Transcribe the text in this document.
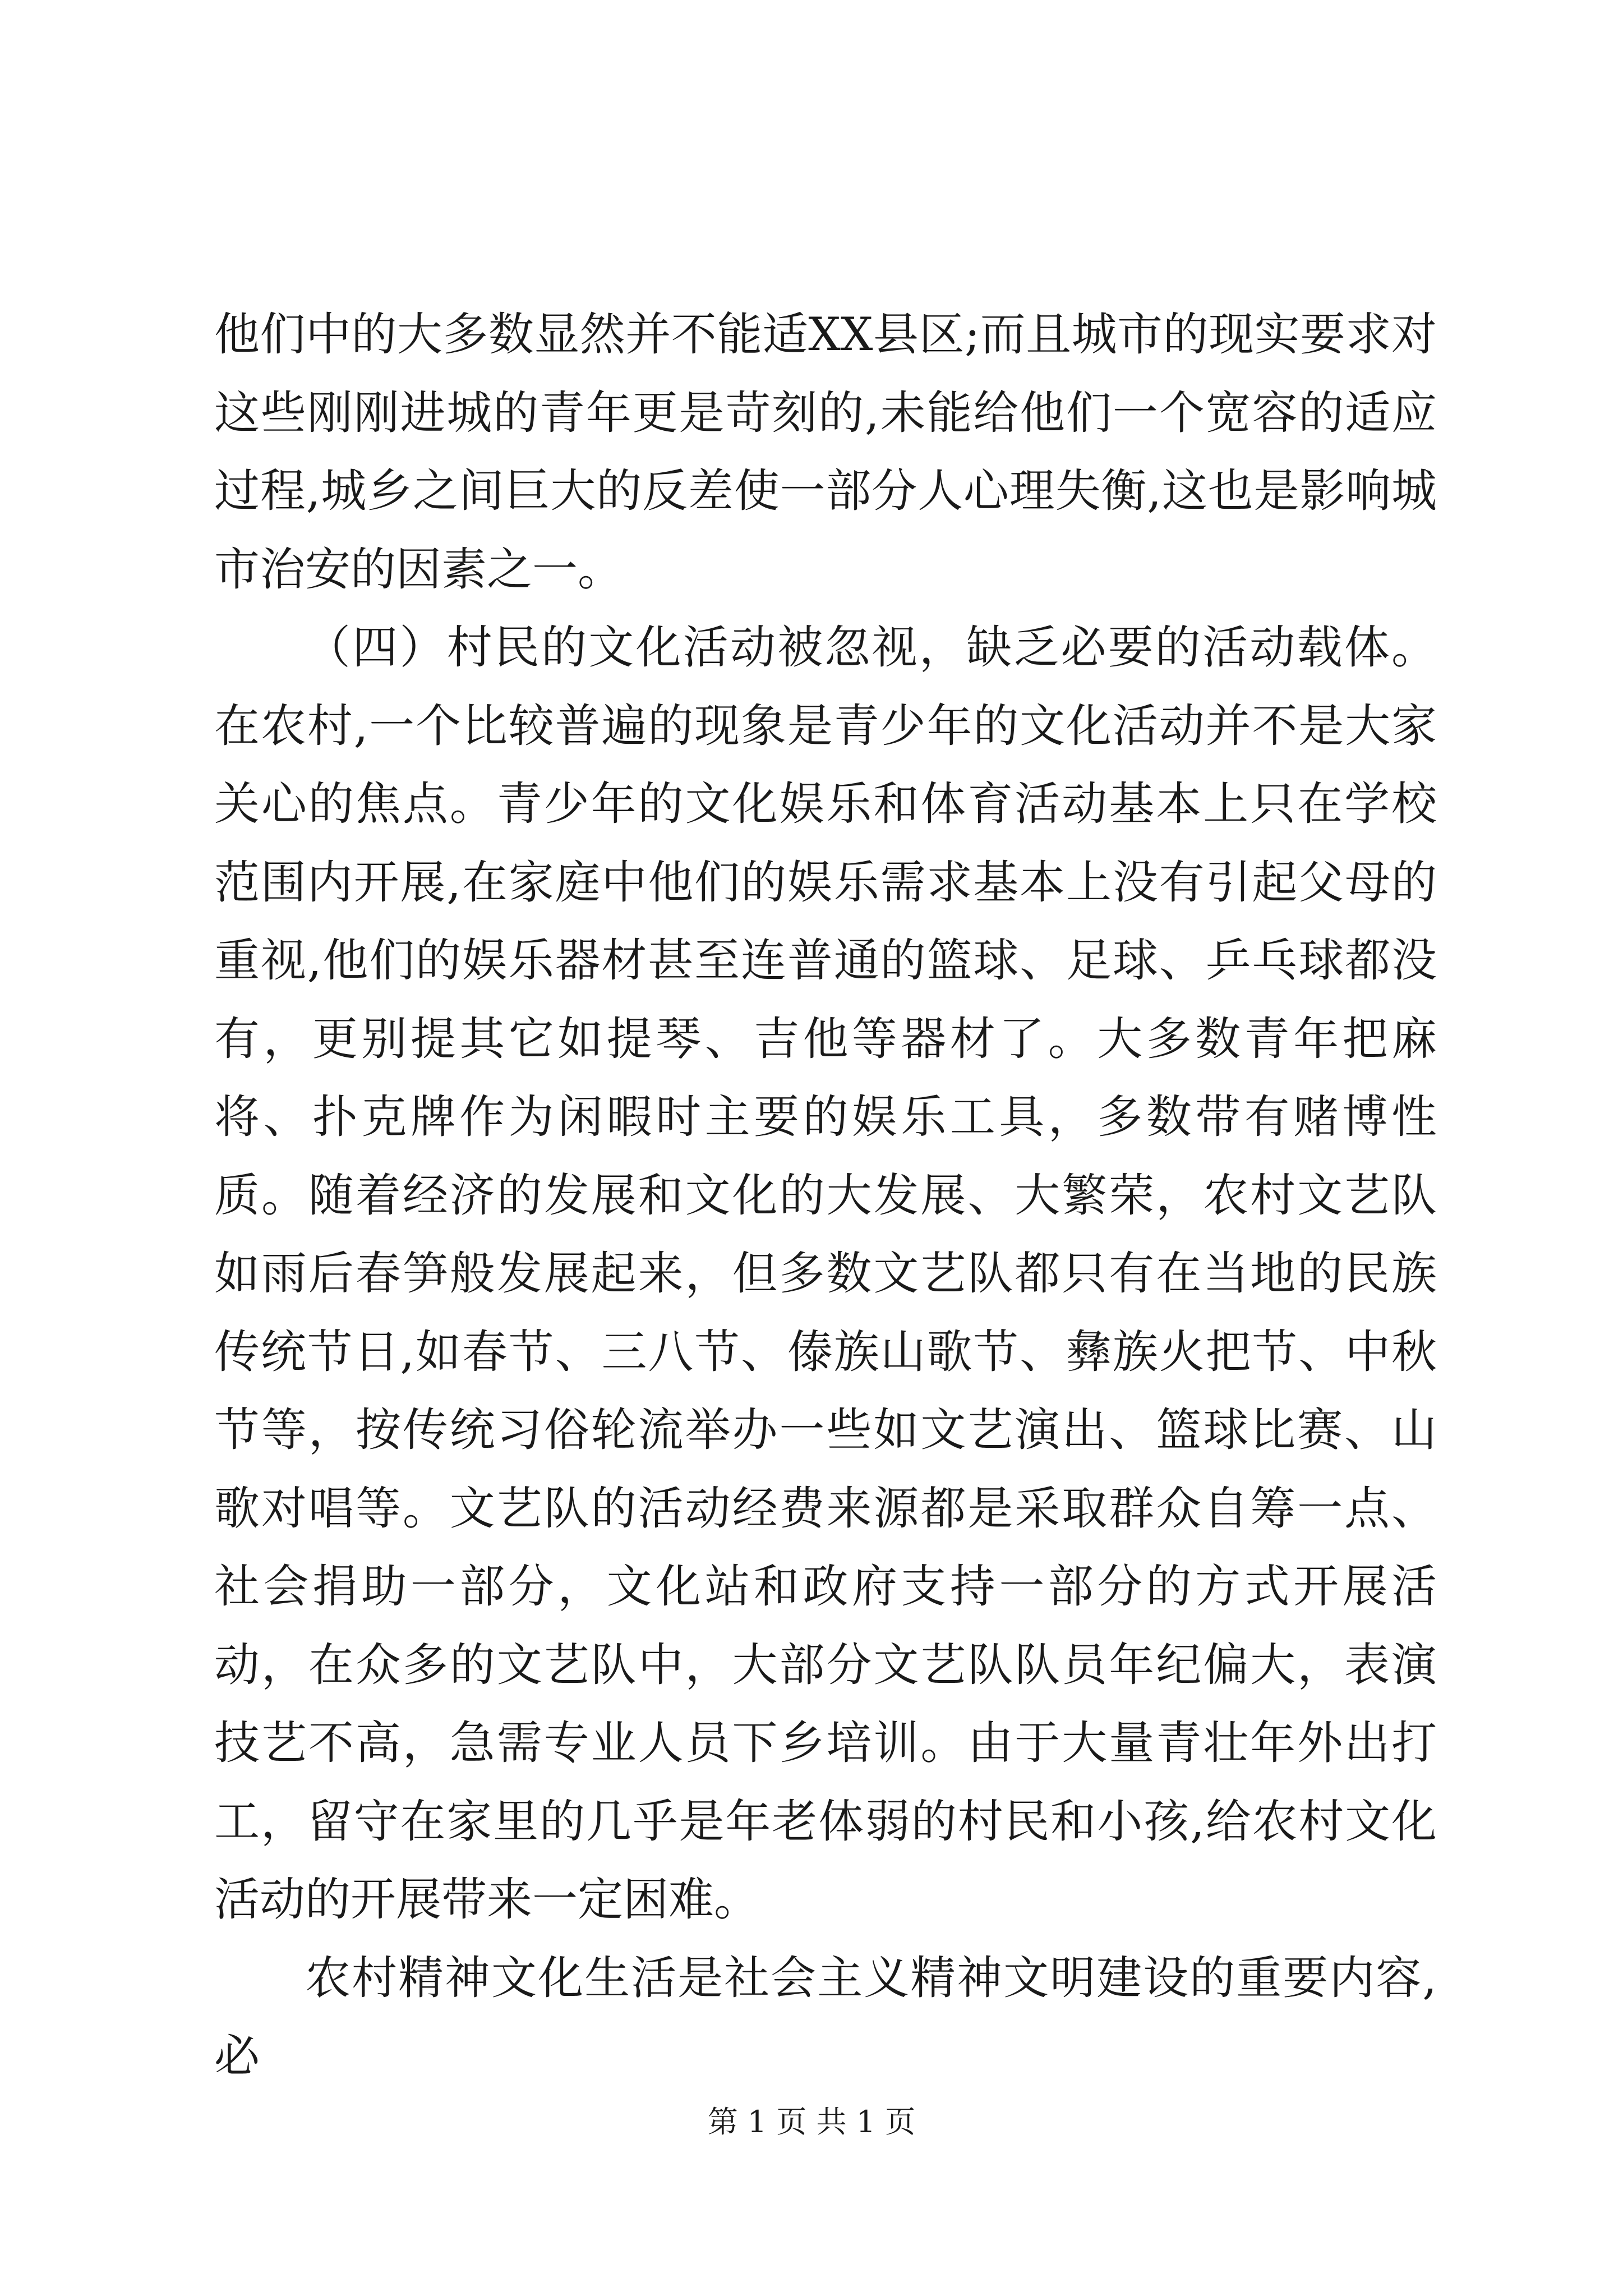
他们中的大多数显然并不能适XX县区;而且城市的现实要求对这些刚刚进城的青年更是苛刻的,未能给他们一个宽容的适应过程,城乡之间巨大的反差使一部分人心理失衡,这也是影响城市治安的因素之一。

（四）村民的文化活动被忽视，缺乏必要的活动载体。在农村,一个比较普遍的现象是青少年的文化活动并不是大家关心的焦点。青少年的文化娱乐和体育活动基本上只在学校范围内开展,在家庭中他们的娱乐需求基本上没有引起父母的重视,他们的娱乐器材甚至连普通的篮球、足球、乒乓球都没有，更别提其它如提琴、吉他等器材了。大多数青年把麻将、扑克牌作为闲暇时主要的娱乐工具，多数带有赌博性质。随着经济的发展和文化的大发展、大繁荣，农村文艺队如雨后春笋般发展起来，但多数文艺队都只有在当地的民族传统节日,如春节、三八节、傣族山歌节、彝族火把节、中秋节等，按传统习俗轮流举办一些如文艺演出、篮球比赛、山歌对唱等。文艺队的活动经费来源都是采取群众自筹一点、社会捐助一部分，文化站和政府支持一部分的方式开展活动，在众多的文艺队中，大部分文艺队队员年纪偏大，表演技艺不高，急需专业人员下乡培训。由于大量青壮年外出打工，留守在家里的几乎是年老体弱的村民和小孩,给农村文化活动的开展带来一定困难。

农村精神文化生活是社会主义精神文明建设的重要内容,必

第 1 页 共 1 页
